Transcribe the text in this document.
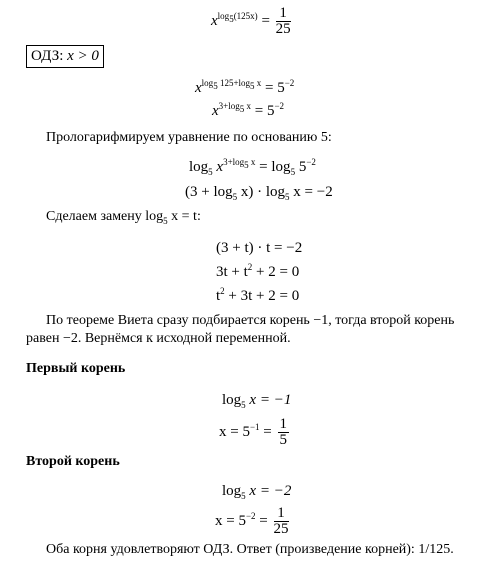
$x^{log_5(125x)} = \frac{1}{25}$
ОДЗ: x > 0
$x^{log_5 125+log_5 x} = 5^{-2}$
$x^{3+log_5 x} = 5^{-2}$
Прологарифмируем уравнение по основанию 5:
$\log_5 x^{3+log_5 x} = \log_5 5^{-2}$
$(3 + \log_5 x) \cdot \log_5 x = -2$
Сделаем замену $\log_5 x = t$:
(3 + t) · t = −2
$3t + t^2 + 2 = 0$
$t^2 + 3t + 2 = 0$
По теореме Виета сразу подбирается корень −1, тогда второй корень
равен −2. Вернёмся к исходной переменной.
Первый корень
$\log_5 x = -1$
$x = 5^{-1} = \frac{1}{5}$
Второй корень
$\log_5 x = -2$
$x = 5^{-2} = \frac{1}{25}$
Оба корня удовлетворяют ОДЗ. Ответ (произведение корней): 1/125.
